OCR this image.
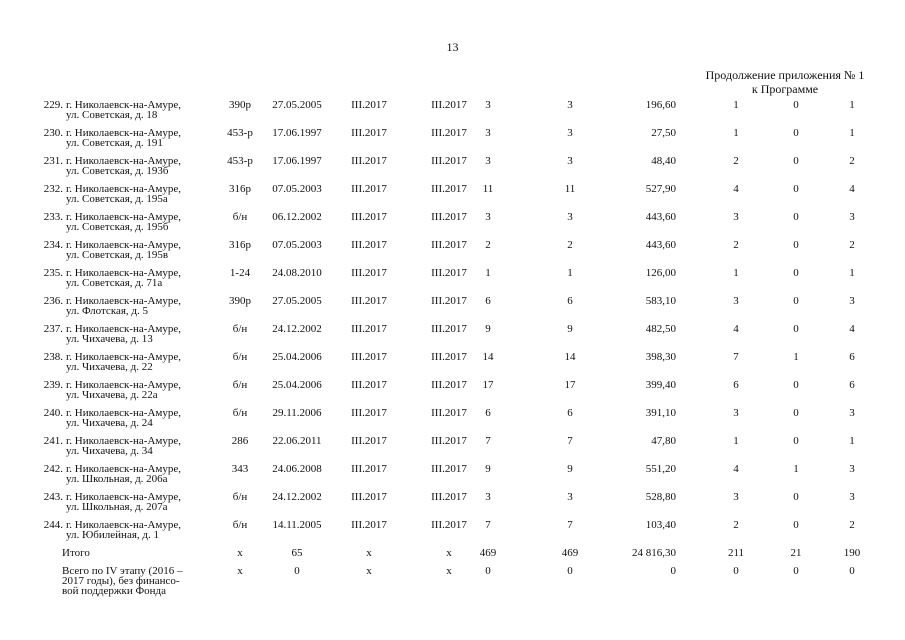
13
Продолжение приложения № 1
к Программе
229. г. Николаевск-на-Амуре,
ул. Советская, д. 18
390р	27.05.2005	III.2017	III.2017	3	3	196,60	1	0	1
230. г. Николаевск-на-Амуре,
ул. Советская, д. 191
453-р	17.06.1997	III.2017	III.2017	3	3	27,50	1	0	1
231. г. Николаевск-на-Амуре,
ул. Советская, д. 193б
453-р	17.06.1997	III.2017	III.2017	3	3	48,40	2	0	2
232. г. Николаевск-на-Амуре,
ул. Советская, д. 195а
316р	07.05.2003	III.2017	III.2017	11	11	527,90	4	0	4
233. г. Николаевск-на-Амуре,
ул. Советская, д. 195б
б/н	06.12.2002	III.2017	III.2017	3	3	443,60	3	0	3
234. г. Николаевск-на-Амуре,
ул. Советская, д. 195в
316р	07.05.2003	III.2017	III.2017	2	2	443,60	2	0	2
235. г. Николаевск-на-Амуре,
ул. Советская, д. 71а
1-24	24.08.2010	III.2017	III.2017	1	1	126,00	1	0	1
236. г. Николаевск-на-Амуре,
ул. Флотская, д. 5
390р	27.05.2005	III.2017	III.2017	6	6	583,10	3	0	3
237. г. Николаевск-на-Амуре,
ул. Чихачева, д. 13
б/н	24.12.2002	III.2017	III.2017	9	9	482,50	4	0	4
238. г. Николаевск-на-Амуре,
ул. Чихачева, д. 22
б/н	25.04.2006	III.2017	III.2017	14	14	398,30	7	1	6
239. г. Николаевск-на-Амуре,
ул. Чихачева, д. 22а
б/н	25.04.2006	III.2017	III.2017	17	17	399,40	6	0	6
240. г. Николаевск-на-Амуре,
ул. Чихачева, д. 24
б/н	29.11.2006	III.2017	III.2017	6	6	391,10	3	0	3
241. г. Николаевск-на-Амуре,
ул. Чихачева, д. 34
286	22.06.2011	III.2017	III.2017	7	7	47,80	1	0	1
242. г. Николаевск-на-Амуре,
ул. Школьная, д. 206а
343	24.06.2008	III.2017	III.2017	9	9	551,20	4	1	3
243. г. Николаевск-на-Амуре,
ул. Школьная, д. 207а
б/н	24.12.2002	III.2017	III.2017	3	3	528,80	3	0	3
244. г. Николаевск-на-Амуре,
ул. Юбилейная, д. 1
б/н	14.11.2005	III.2017	III.2017	7	7	103,40	2	0	2
Итого	х	65	х	х	469	469	24 816,30	211	21	190
Всего по IV этапу (2016 –
2017 годы), без финансо-
вой поддержки Фонда
х	0	х	х	0	0	0	0	0	0
